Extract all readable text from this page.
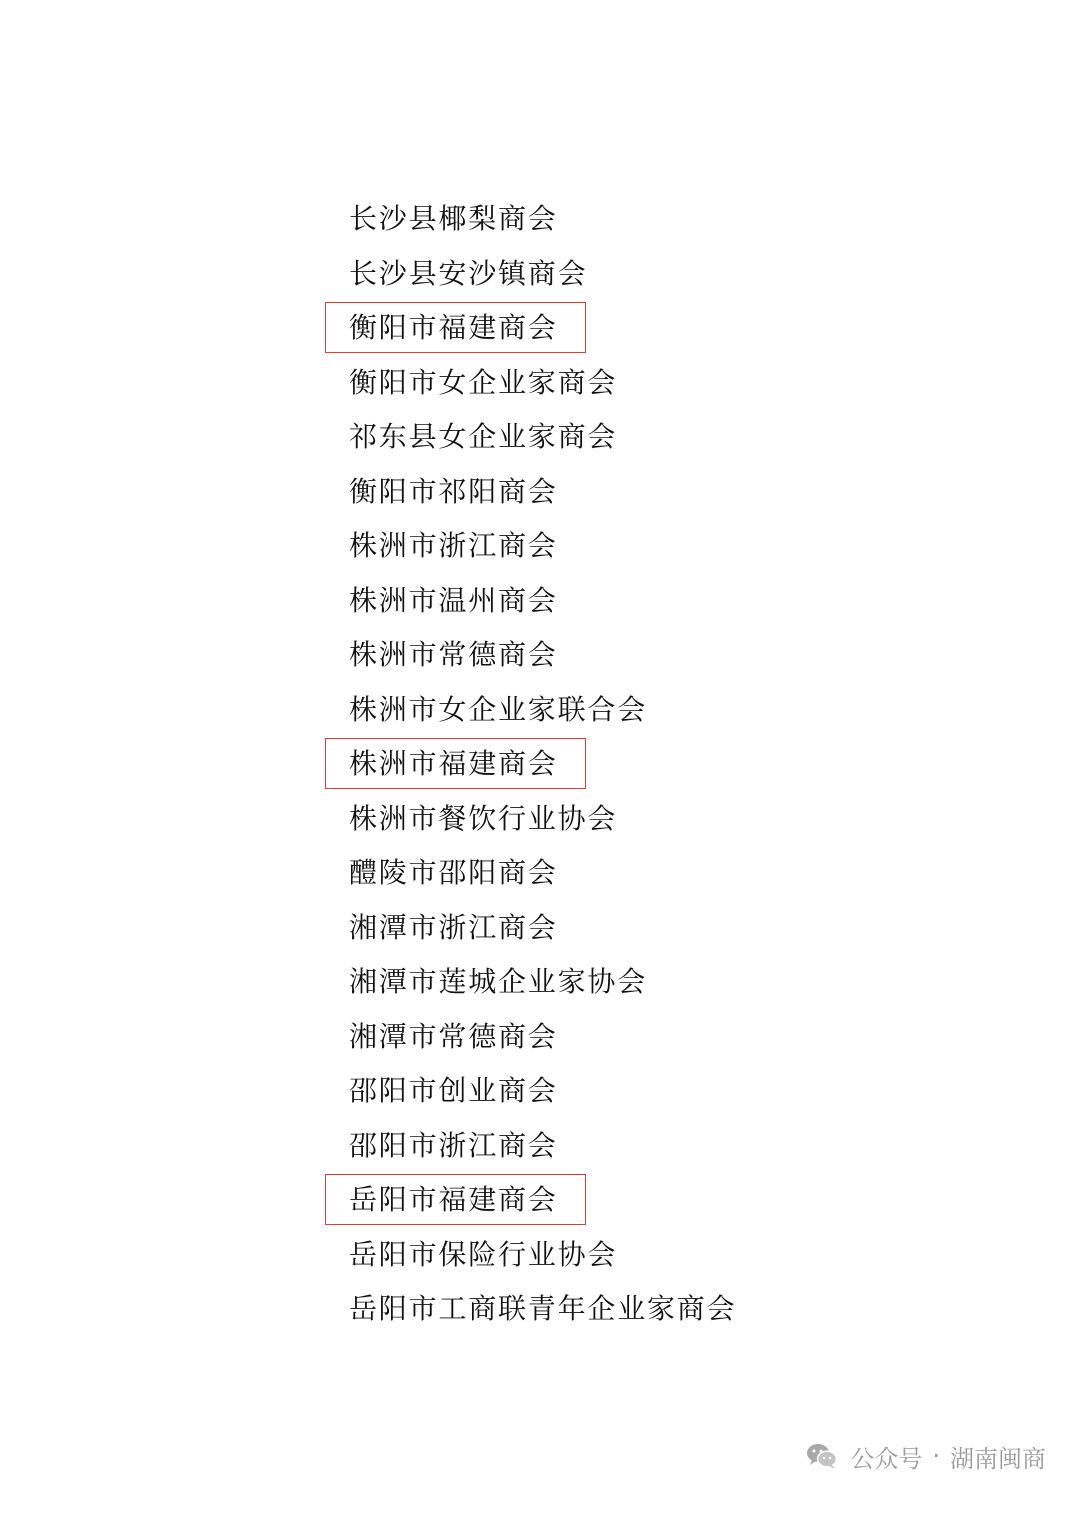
长沙县椰梨商会
长沙县安沙镇商会
衡阳市福建商会
衡阳市女企业家商会
祁东县女企业家商会
衡阳市祁阳商会
株洲市浙江商会
株洲市温州商会
株洲市常德商会
株洲市女企业家联合会
株洲市福建商会
株洲市餐饮行业协会
醴陵市邵阳商会
湘潭市浙江商会
湘潭市莲城企业家协会
湘潭市常德商会
邵阳市创业商会
邵阳市浙江商会
岳阳市福建商会
岳阳市保险行业协会
岳阳市工商联青年企业家商会
公众号 · 湖南闽商
